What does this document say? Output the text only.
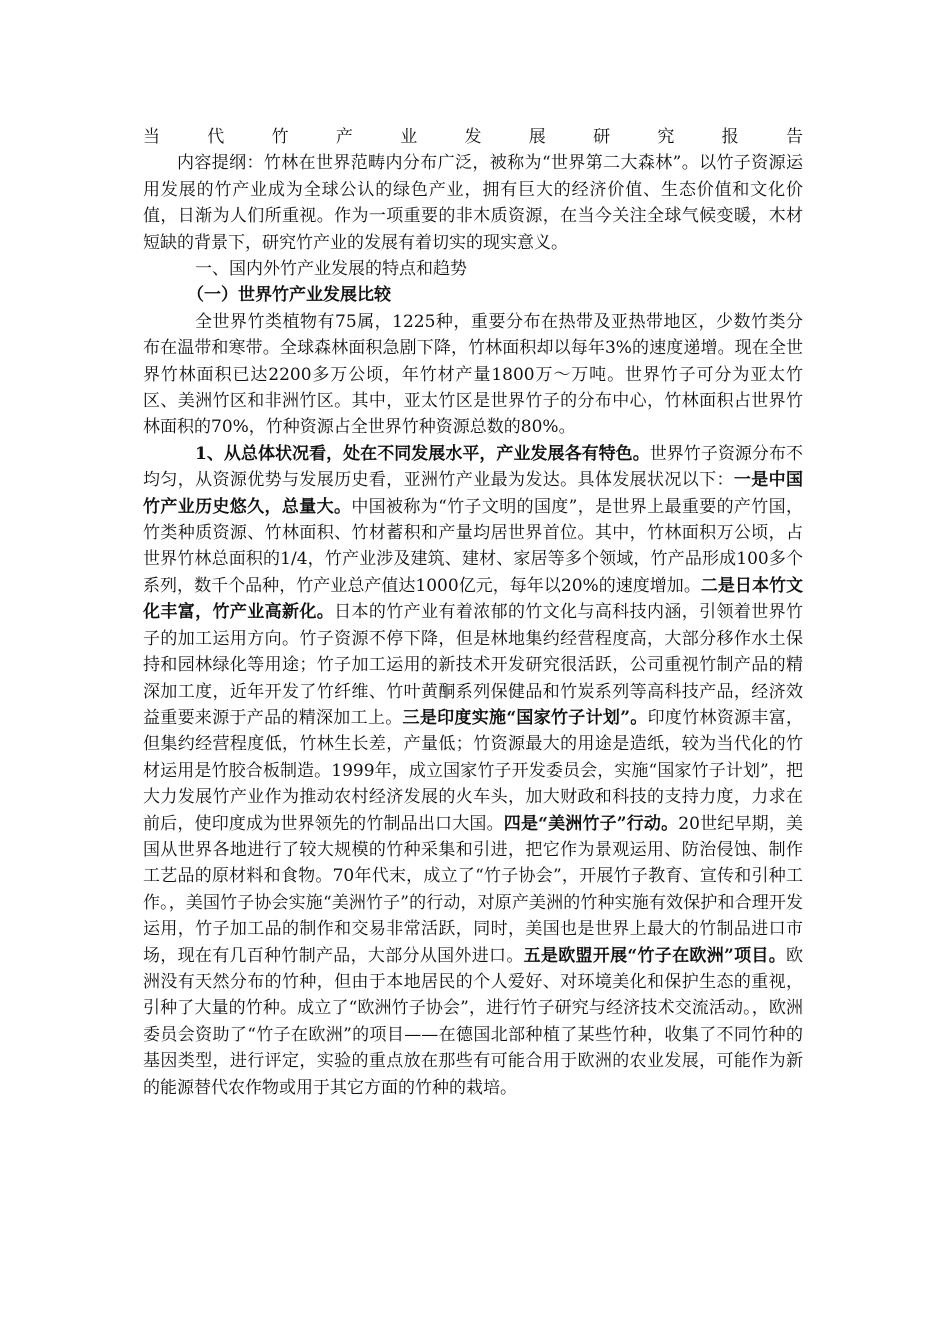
当	代	竹	产	业	发	展	研	究	报	告

内容提纲：竹林在世界范畴内分布广泛，被称为“世界第二大森林”。以竹子资源运用发展的竹产业成为全球公认的绿色产业，拥有巨大的经济价值、生态价值和文化价值，日渐为人们所重视。作为一项重要的非木质资源，在当今关注全球气候变暖，木材短缺的背景下，研究竹产业的发展有着切实的现实意义。

一、国内外竹产业发展的特点和趋势

（一）世界竹产业发展比较

全世界竹类植物有75属，1225种，重要分布在热带及亚热带地区，少数竹类分布在温带和寒带。全球森林面积急剧下降，竹林面积却以每年3%的速度递增。现在全世界竹林面积已达2200多万公顷，年竹材产量1800万～万吨。世界竹子可分为亚太竹区、美洲竹区和非洲竹区。其中，亚太竹区是世界竹子的分布中心，竹林面积占世界竹林面积的70%，竹种资源占全世界竹种资源总数的80%。

1、从总体状况看，处在不同发展水平，产业发展各有特色。世界竹子资源分布不均匀，从资源优势与发展历史看，亚洲竹产业最为发达。具体发展状况以下：一是中国竹产业历史悠久，总量大。中国被称为“竹子文明的国度”，是世界上最重要的产竹国，竹类种质资源、竹林面积、竹材蓄积和产量均居世界首位。其中，竹林面积万公顷，占世界竹林总面积的1/4，竹产业涉及建筑、建材、家居等多个领域，竹产品形成100多个系列，数千个品种，竹产业总产值达1000亿元，每年以20%的速度增加。二是日本竹文化丰富，竹产业高新化。日本的竹产业有着浓郁的竹文化与高科技内涵，引领着世界竹子的加工运用方向。竹子资源不停下降，但是林地集约经营程度高，大部分移作水土保持和园林绿化等用途；竹子加工运用的新技术开发研究很活跃，公司重视竹制产品的精深加工度，近年开发了竹纤维、竹叶黄酮系列保健品和竹炭系列等高科技产品，经济效益重要来源于产品的精深加工上。三是印度实施“国家竹子计划”。印度竹林资源丰富，但集约经营程度低，竹林生长差，产量低；竹资源最大的用途是造纸，较为当代化的竹材运用是竹胶合板制造。1999年，成立国家竹子开发委员会，实施“国家竹子计划”，把大力发展竹产业作为推动农村经济发展的火车头，加大财政和科技的支持力度，力求在前后，使印度成为世界领先的竹制品出口大国。四是“美洲竹子”行动。20世纪早期，美国从世界各地进行了较大规模的竹种采集和引进，把它作为景观运用、防治侵蚀、制作工艺品的原材料和食物。70年代末，成立了“竹子协会”，开展竹子教育、宣传和引种工作。，美国竹子协会实施“美洲竹子”的行动，对原产美洲的竹种实施有效保护和合理开发运用，竹子加工品的制作和交易非常活跃，同时，美国也是世界上最大的竹制品进口市场，现在有几百种竹制产品，大部分从国外进口。五是欧盟开展“竹子在欧洲”项目。欧洲没有天然分布的竹种，但由于本地居民的个人爱好、对环境美化和保护生态的重视，引种了大量的竹种。成立了“欧洲竹子协会”，进行竹子研究与经济技术交流活动。，欧洲委员会资助了“竹子在欧洲”的项目——在德国北部种植了某些竹种，收集了不同竹种的基因类型，进行评定，实验的重点放在那些有可能合用于欧洲的农业发展，可能作为新的能源替代农作物或用于其它方面的竹种的栽培。
